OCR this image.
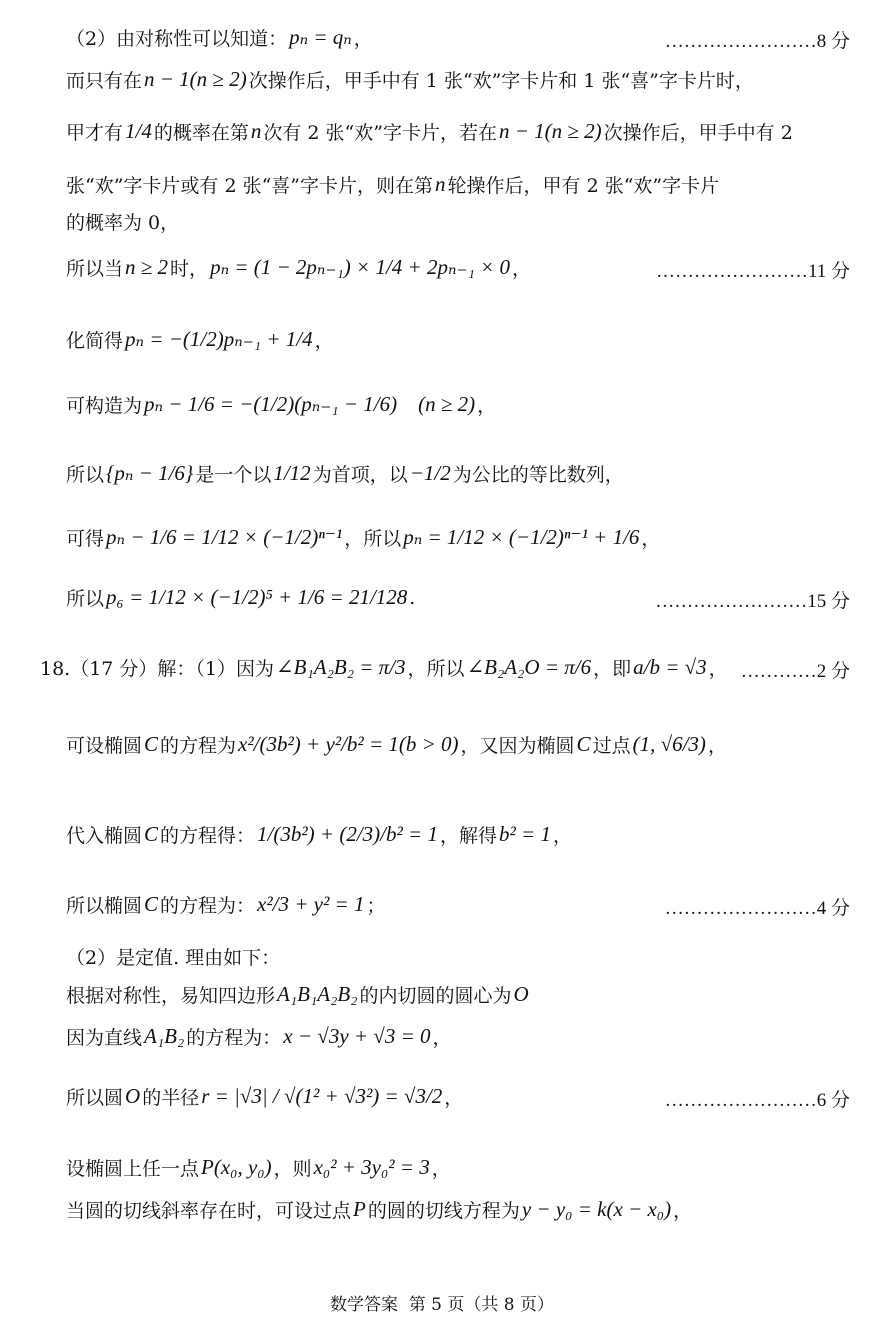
（2）由对称性可以知道： pₙ = qₙ ，	……………………8 分
而只有在 n − 1(n ≥ 2) 次操作后，甲手中有 1 张“欢”字卡片和 1 张“喜”字卡片时，
甲才有 1/4 的概率在第 n 次有 2 张“欢”字卡片，若在 n − 1(n ≥ 2) 次操作后，甲手中有 2
张“欢”字卡片或有 2 张“喜”字卡片，则在第 n 轮操作后，甲有 2 张“欢”字卡片
的概率为 0，
所以当 n ≥ 2 时， pₙ = (1 − 2pₙ₋₁) × 1/4 + 2pₙ₋₁ × 0 ，	……………………11 分
化简得 pₙ = −(1/2)pₙ₋₁ + 1/4 ，
可构造为 pₙ − 1/6 = −(1/2)(pₙ₋₁ − 1/6)    (n ≥ 2) ，
所以 {pₙ − 1/6} 是一个以 1/12 为首项，以 −1/2 为公比的等比数列，
可得 pₙ − 1/6 = 1/12 × (−1/2)ⁿ⁻¹ ，所以 pₙ = 1/12 × (−1/2)ⁿ⁻¹ + 1/6 ，
所以 p₆ = 1/12 × (−1/2)⁵ + 1/6 = 21/128 .	……………………15 分
18.（17 分）解：（1）因为 ∠B₁A₂B₂ = π/3 ，所以 ∠B₂A₂O = π/6 ，即 a/b = √3 ， …………2 分
可设椭圆 C 的方程为 x²/(3b²) + y²/b² = 1(b > 0) ，又因为椭圆 C 过点 (1, √6/3) ，
代入椭圆 C 的方程得： 1/(3b²) + (2/3)/b² = 1 ，解得 b² = 1 ，
所以椭圆 C 的方程为： x²/3 + y² = 1 ；	……………………4 分
（2）是定值. 理由如下：
根据对称性，易知四边形 A₁B₁A₂B₂ 的内切圆的圆心为 O
因为直线 A₁B₂ 的方程为： x − √3y + √3 = 0 ，
所以圆 O 的半径 r = |√3| / √(1² + √3²) = √3/2 ，	……………………6 分
设椭圆上任一点 P(x₀, y₀) ，则 x₀² + 3y₀² = 3 ，
当圆的切线斜率存在时，可设过点 P 的圆的切线方程为 y − y₀ = k(x − x₀) ，
数学答案  第 5 页（共 8 页）
